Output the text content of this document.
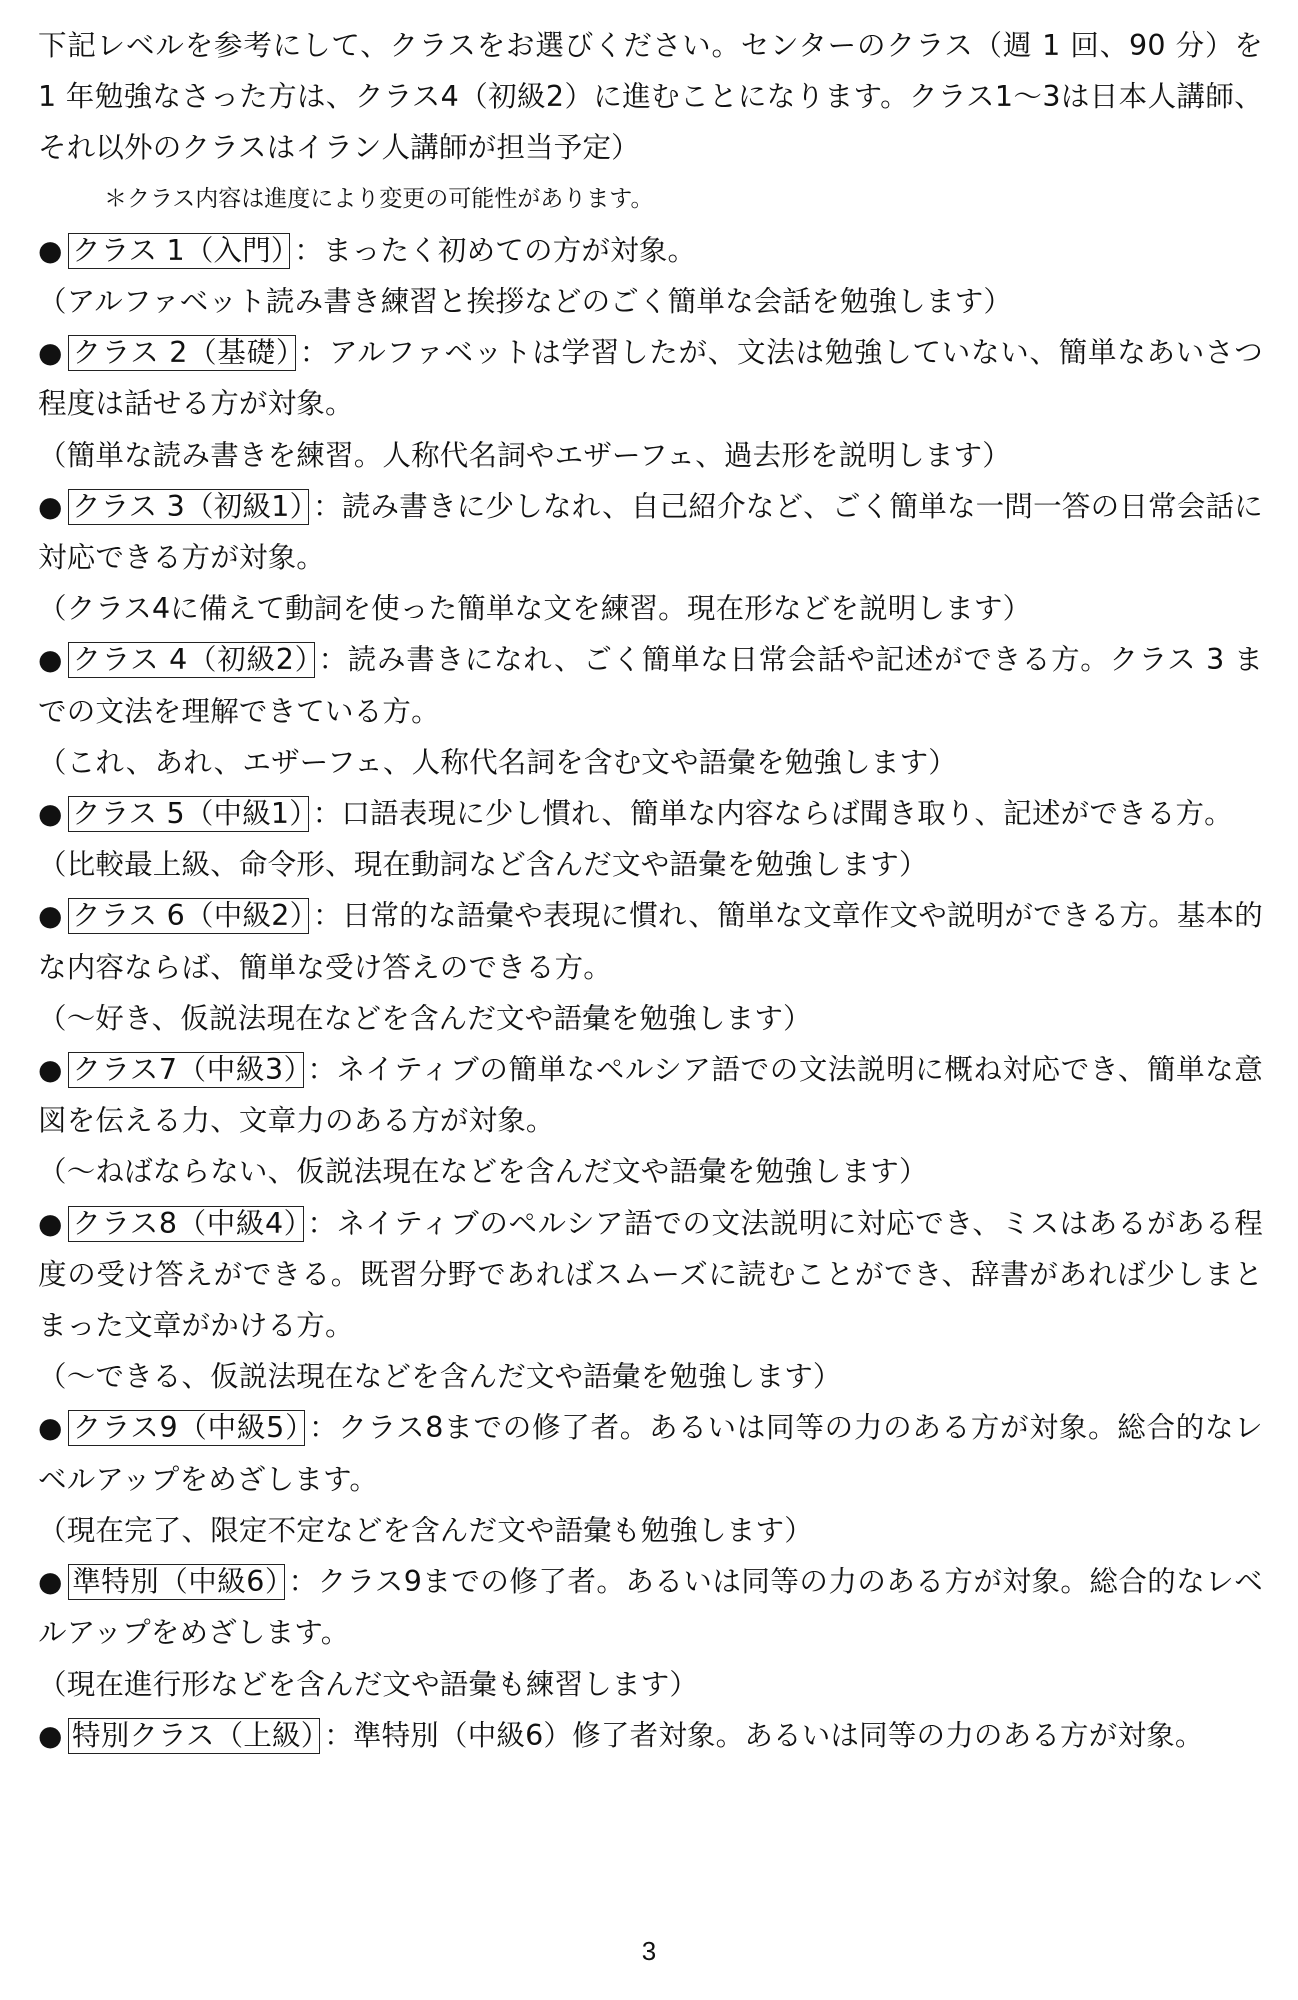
下記レベルを参考にして、クラスをお選びください。センターのクラス（週 1 回、90 分）を 1 年勉強なさった方は、クラス4（初級2）に進むことになります。クラス1～3は日本人講師、それ以外のクラスはイラン人講師が担当予定）

＊クラス内容は進度により変更の可能性があります。

● クラス 1（入門） ：まったく初めての方が対象。

（アルファベット読み書き練習と挨拶などのごく簡単な会話を勉強します）

● クラス 2（基礎） ：アルファベットは学習したが、文法は勉強していない、簡単なあいさつ程度は話せる方が対象。

（簡単な読み書きを練習。人称代名詞やエザーフェ、過去形を説明します）

● クラス 3（初級1） ：読み書きに少しなれ、自己紹介など、ごく簡単な一問一答の日常会話に対応できる方が対象。

（クラス4に備えて動詞を使った簡単な文を練習。現在形などを説明します）

● クラス 4（初級2） ：読み書きになれ、ごく簡単な日常会話や記述ができる方。クラス 3 までの文法を理解できている方。

（これ、あれ、エザーフェ、人称代名詞を含む文や語彙を勉強します）

● クラス 5（中級1） ：口語表現に少し慣れ、簡単な内容ならば聞き取り、記述ができる方。

（比較最上級、命令形、現在動詞など含んだ文や語彙を勉強します）

● クラス 6（中級2） ：日常的な語彙や表現に慣れ、簡単な文章作文や説明ができる方。基本的な内容ならば、簡単な受け答えのできる方。

（～好き、仮説法現在などを含んだ文や語彙を勉強します）

● クラス7（中級3） ：ネイティブの簡単なペルシア語での文法説明に概ね対応でき、簡単な意図を伝える力、文章力のある方が対象。

（～ねばならない、仮説法現在などを含んだ文や語彙を勉強します）

● クラス8（中級4） ：ネイティブのペルシア語での文法説明に対応でき、ミスはあるがある程度の受け答えができる。既習分野であればスムーズに読むことができ、辞書があれば少しまとまった文章がかける方。

（～できる、仮説法現在などを含んだ文や語彙を勉強します）

● クラス9（中級5） ：クラス8までの修了者。あるいは同等の力のある方が対象。総合的なレベルアップをめざします。

（現在完了、限定不定などを含んだ文や語彙も勉強します）

● 準特別（中級6） ：クラス9までの修了者。あるいは同等の力のある方が対象。総合的なレベルアップをめざします。

（現在進行形などを含んだ文や語彙も練習します）

● 特別クラス（上級） ：準特別（中級6）修了者対象。あるいは同等の力のある方が対象。

3
